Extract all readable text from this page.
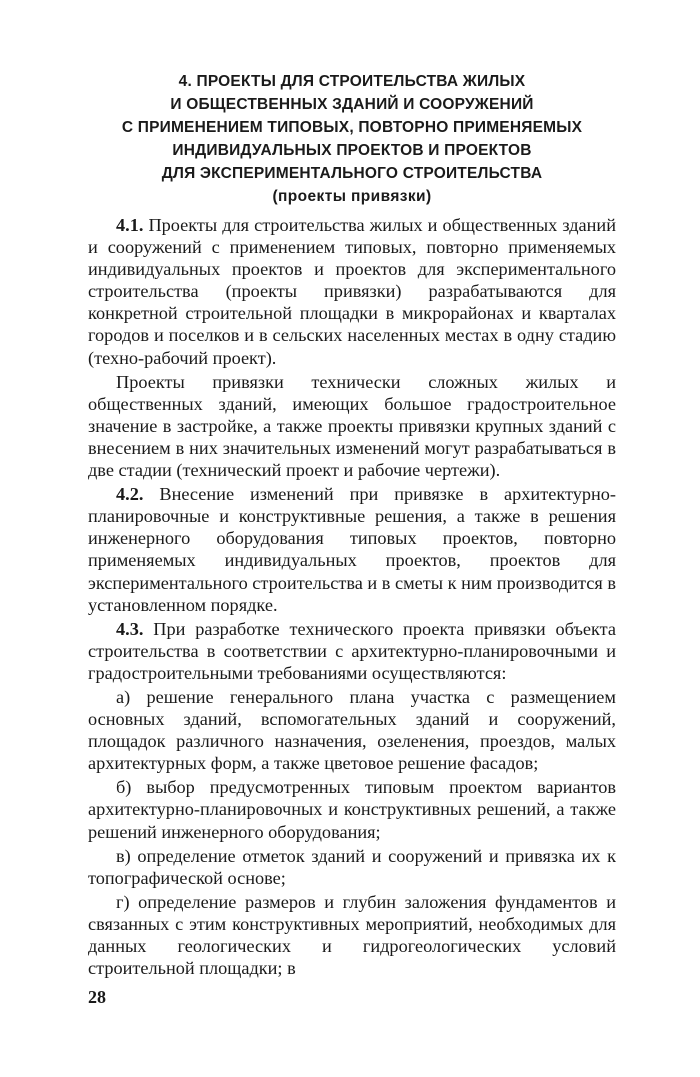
4. ПРОЕКТЫ ДЛЯ СТРОИТЕЛЬСТВА ЖИЛЫХ
И ОБЩЕСТВЕННЫХ ЗДАНИЙ И СООРУЖЕНИЙ
С ПРИМЕНЕНИЕМ ТИПОВЫХ, ПОВТОРНО ПРИМЕНЯЕМЫХ
ИНДИВИДУАЛЬНЫХ ПРОЕКТОВ И ПРОЕКТОВ
ДЛЯ ЭКСПЕРИМЕНТАЛЬНОГО СТРОИТЕЛЬСТВА
(проекты привязки)

4.1. Проекты для строительства жилых и общественных зданий и сооружений с применением типовых, повторно применяемых индивидуальных проектов и проектов для экспериментального строительства (проекты привязки) разрабатываются для конкретной строительной площадки в микрорайонах и кварталах городов и поселков и в сельских населенных местах в одну стадию (техно-рабочий проект).

Проекты привязки технически сложных жилых и общественных зданий, имеющих большое градостроительное значение в застройке, а также проекты привязки крупных зданий с внесением в них значительных изменений могут разрабатываться в две стадии (технический проект и рабочие чертежи).

4.2. Внесение изменений при привязке в архитектурно-планировочные и конструктивные решения, а также в решения инженерного оборудования типовых проектов, повторно применяемых индивидуальных проектов, проектов для экспериментального строительства и в сметы к ним производится в установленном порядке.

4.3. При разработке технического проекта привязки объекта строительства в соответствии с архитектурно-планировочными и градостроительными требованиями осуществляются:

а) решение генерального плана участка с размещением основных зданий, вспомогательных зданий и сооружений, площадок различного назначения, озеленения, проездов, малых архитектурных форм, а также цветовое решение фасадов;

б) выбор предусмотренных типовым проектом вариантов архитектурно-планировочных и конструктивных решений, а также решений инженерного оборудования;

в) определение отметок зданий и сооружений и привязка их к топографической основе;

г) определение размеров и глубин заложения фундаментов и связанных с этим конструктивных мероприятий, необходимых для данных геологических и гидрогеологических условий строительной площадки; в

28
